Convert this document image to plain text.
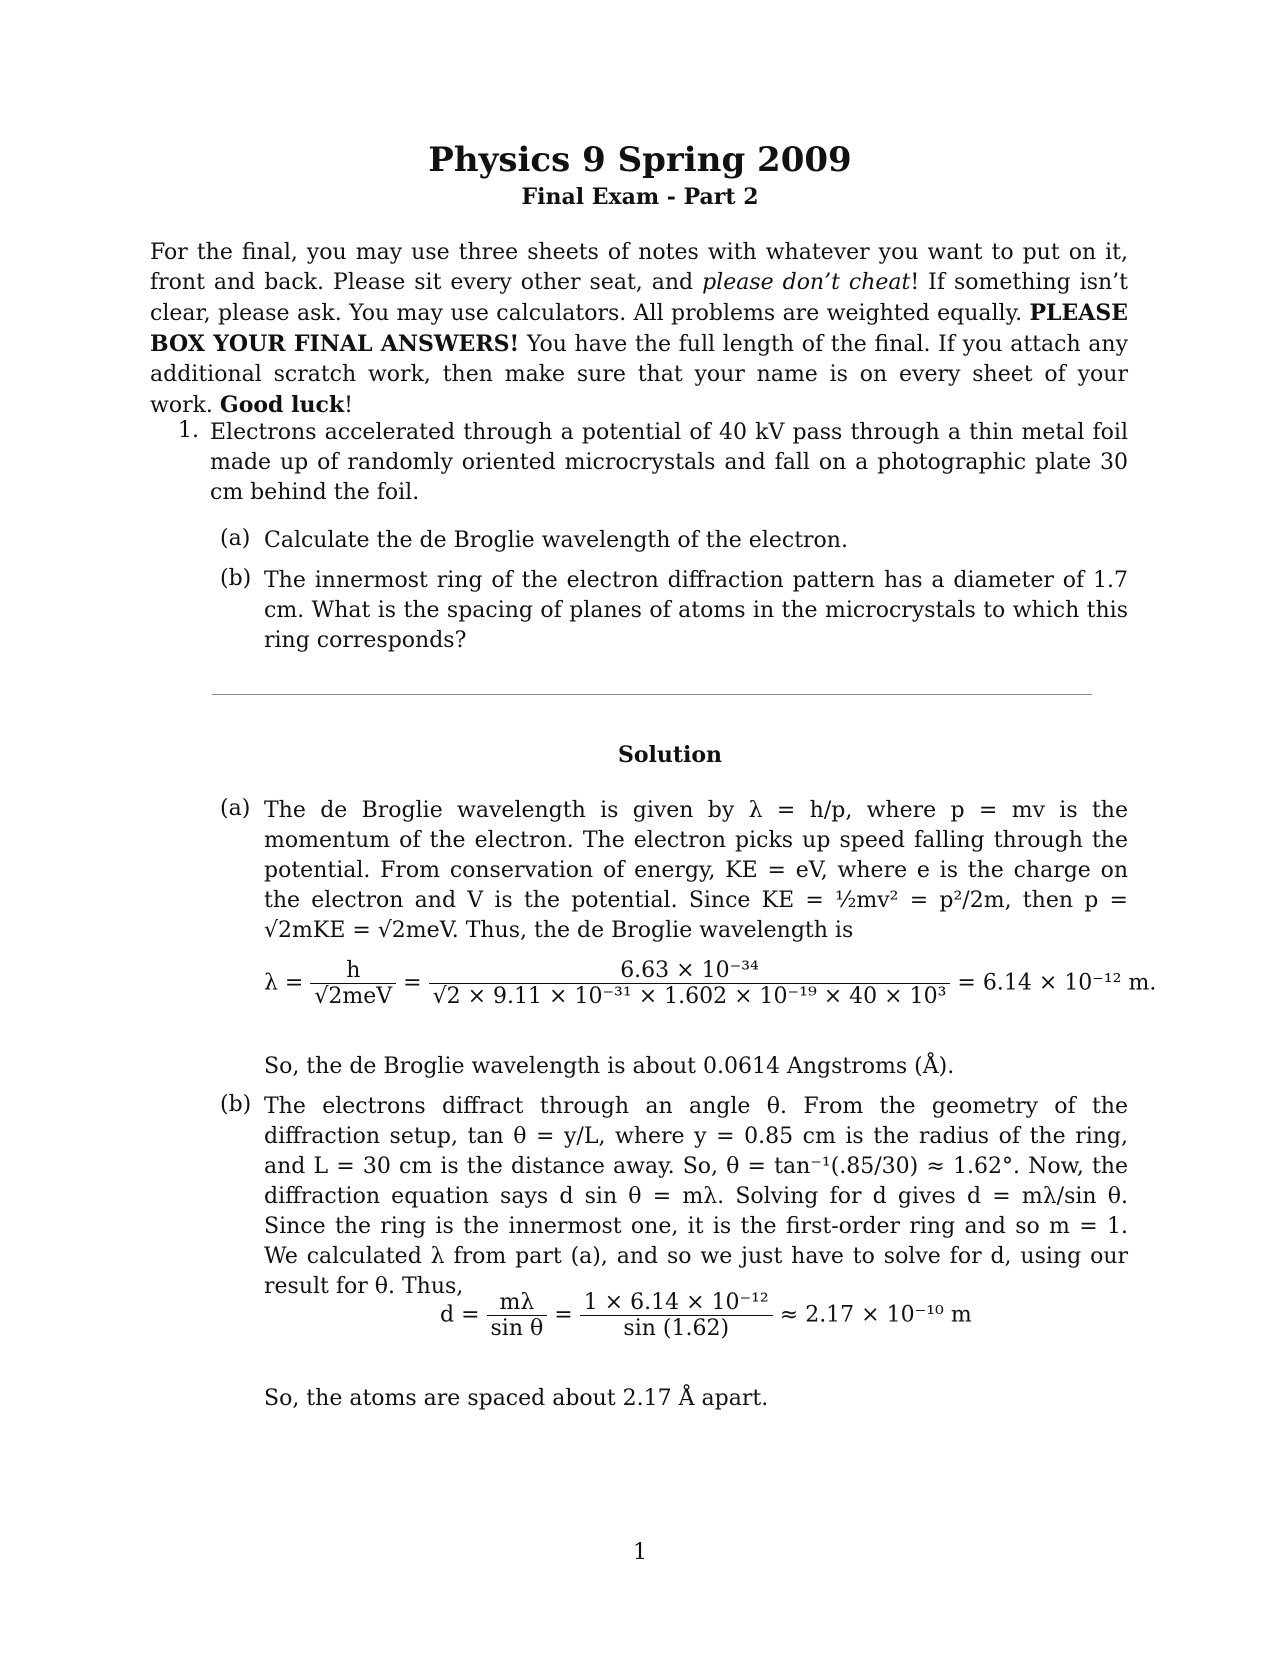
Physics 9 Spring 2009
Final Exam - Part 2
For the final, you may use three sheets of notes with whatever you want to put on it, front and back. Please sit every other seat, and please don’t cheat! If something isn’t clear, please ask. You may use calculators. All problems are weighted equally. PLEASE BOX YOUR FINAL ANSWERS! You have the full length of the final. If you attach any additional scratch work, then make sure that your name is on every sheet of your work. Good luck!
1. Electrons accelerated through a potential of 40 kV pass through a thin metal foil made up of randomly oriented microcrystals and fall on a photographic plate 30 cm behind the foil.
(a) Calculate the de Broglie wavelength of the electron.
(b) The innermost ring of the electron diffraction pattern has a diameter of 1.7 cm. What is the spacing of planes of atoms in the microcrystals to which this ring corresponds?
Solution
(a) The de Broglie wavelength is given by λ = h/p, where p = mv is the momentum of the electron. The electron picks up speed falling through the potential. From conservation of energy, KE = eV, where e is the charge on the electron and V is the potential. Since KE = ½mv² = p²/2m, then p = √2mKE = √2meV. Thus, the de Broglie wavelength is
$\lambda = \frac{h}{\text{√2meV}} = \frac{\text{6.63 × 10⁻³⁴}}{\text{√2 × 9.11 × 10⁻³¹ × 1.602 × 10⁻¹⁹ × 40 × 10³}} = 6.14 \times 10^{-12}$ m.
So, the de Broglie wavelength is about 0.0614 Angstroms (Å).
(b) The electrons diffract through an angle θ. From the geometry of the diffraction setup, tan θ = y/L, where y = 0.85 cm is the radius of the ring, and L = 30 cm is the distance away. So, θ = tan⁻¹(.85/30) ≈ 1.62°. Now, the diffraction equation says d sin θ = mλ. Solving for d gives d = mλ/sin θ. Since the ring is the innermost one, it is the first-order ring and so m = 1. We calculated λ from part (a), and so we just have to solve for d, using our result for θ. Thus,
$d = \frac{m\lambda}{\text{sin θ}} = \frac{\text{1 × 6.14 × 10⁻¹²}}{\sin (1.62)} \approx 2.17 \times 10^{-10}$ m
So, the atoms are spaced about 2.17 Å apart.
1
